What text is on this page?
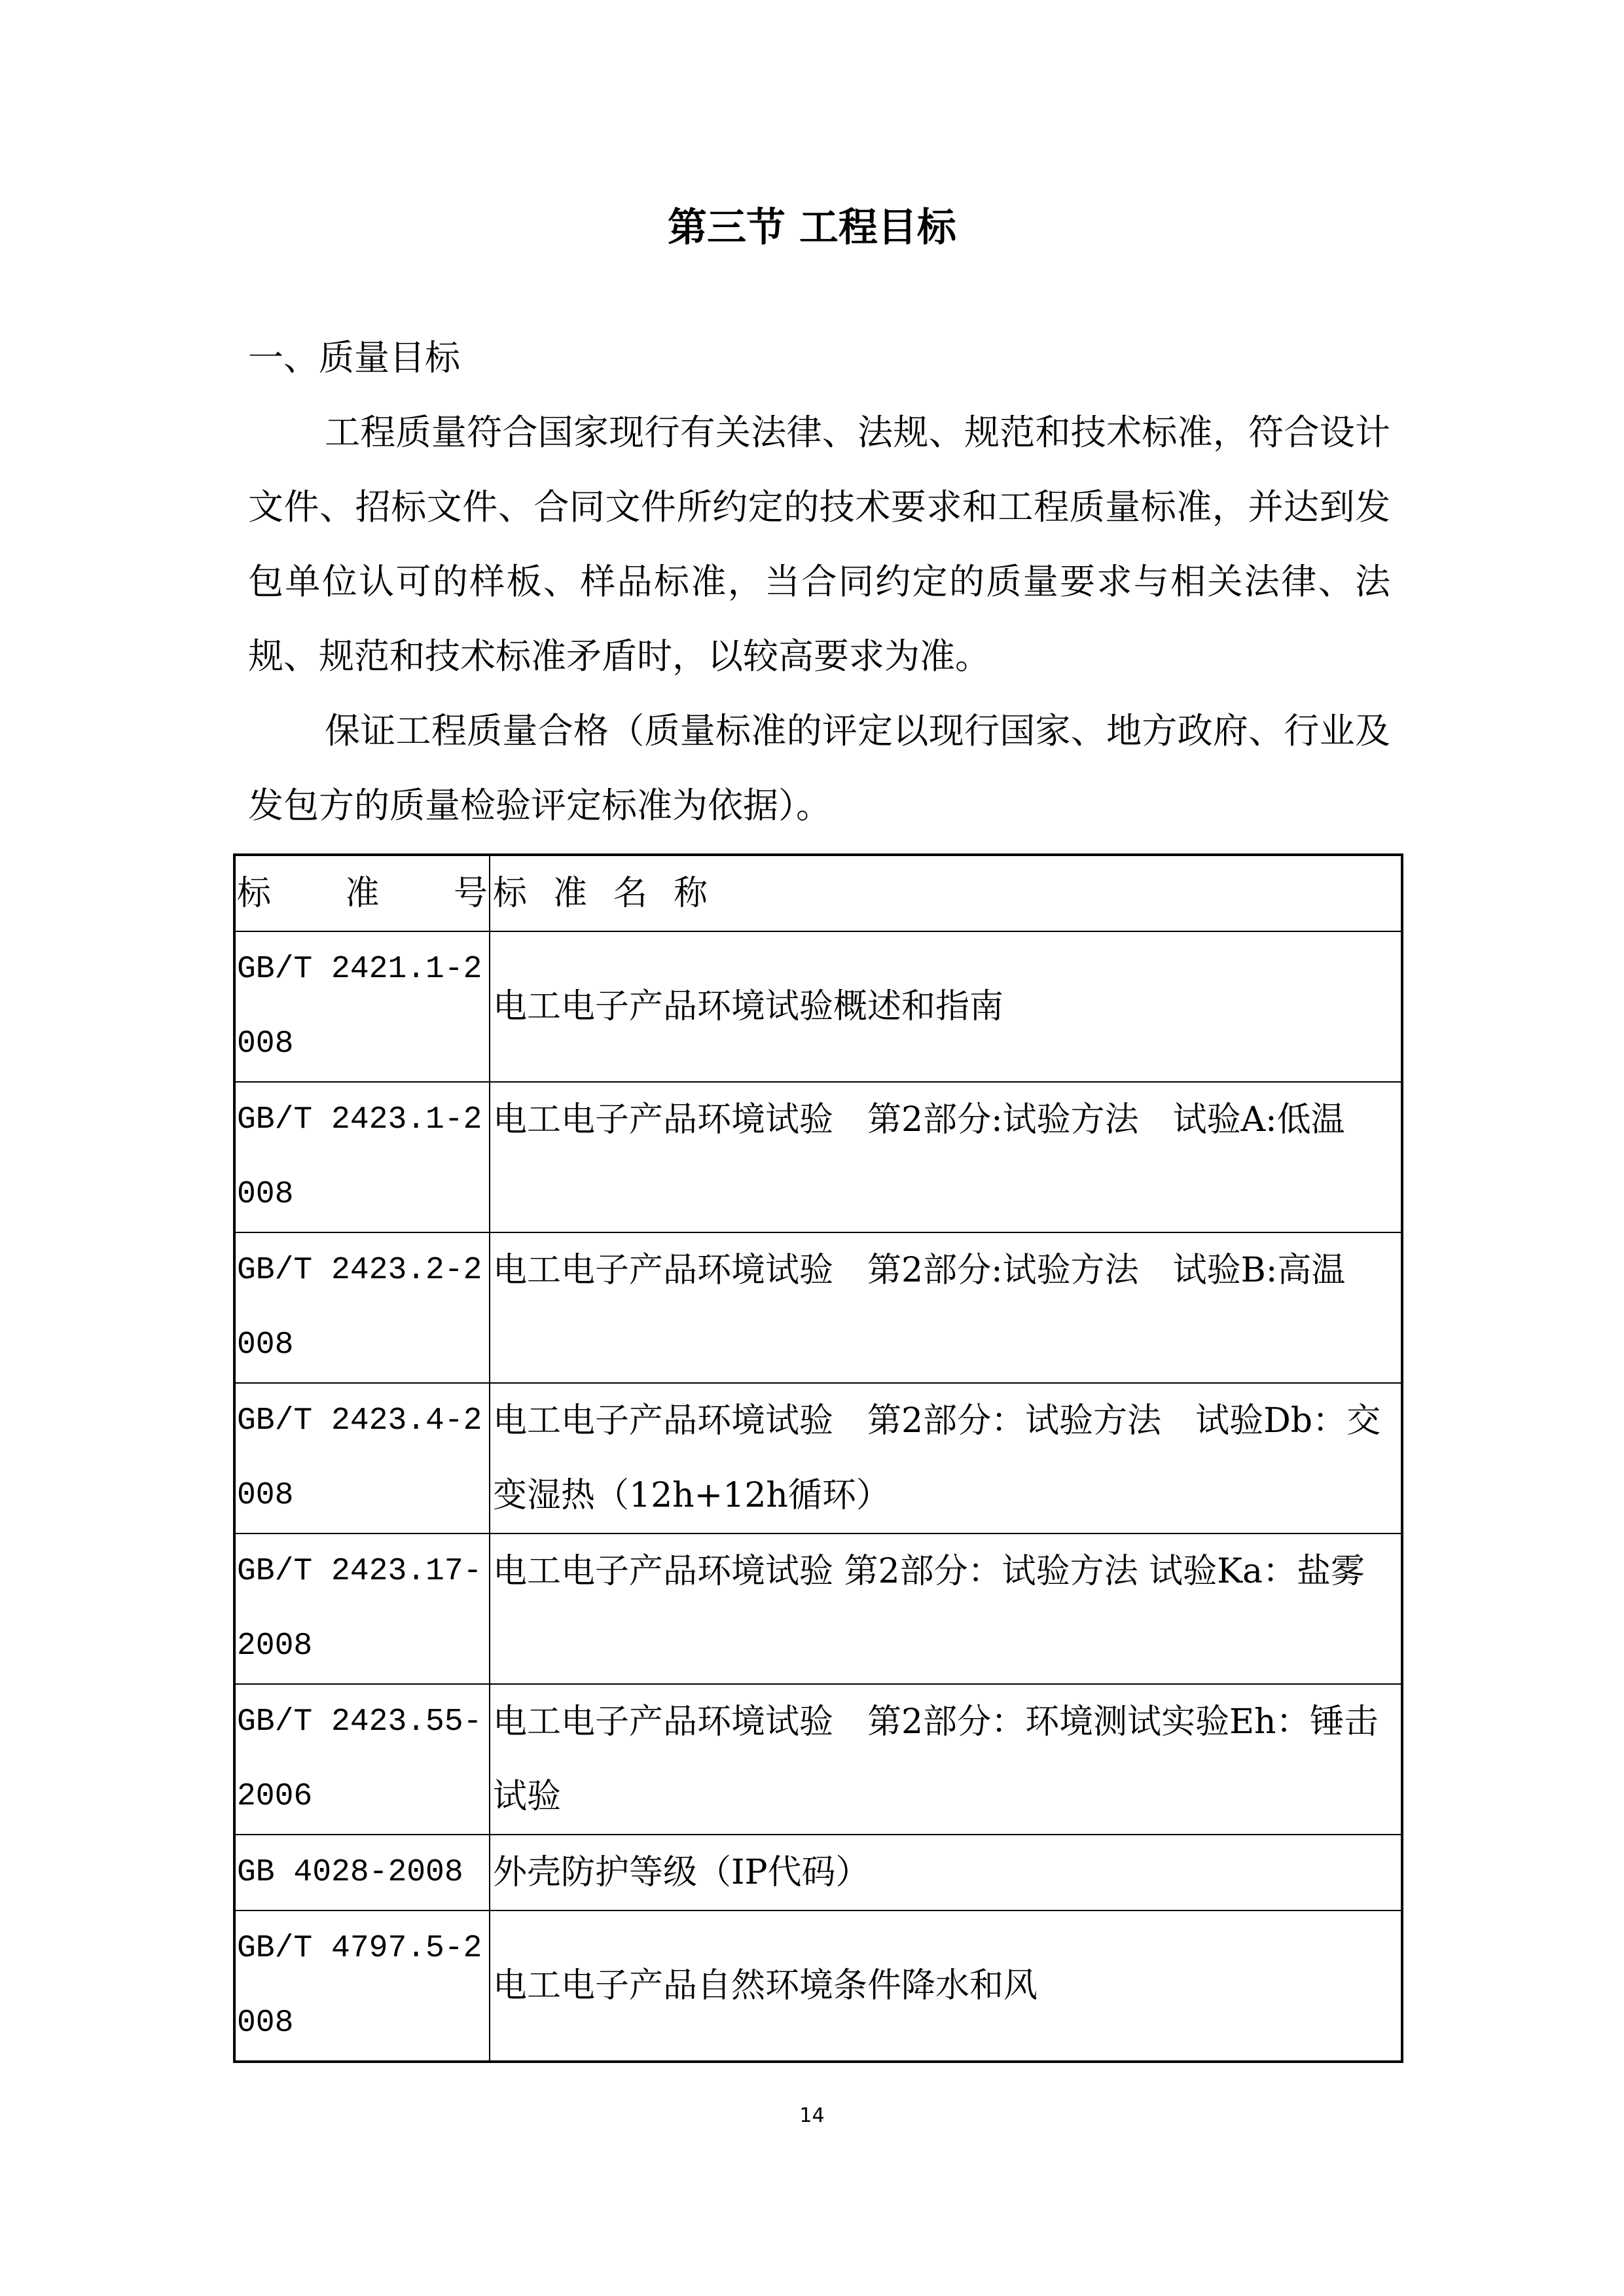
第三节 工程目标

一、质量目标

工程质量符合国家现行有关法律、法规、规范和技术标准，符合设计文件、招标文件、合同文件所约定的技术要求和工程质量标准，并达到发包单位认可的样板、样品标准，当合同约定的质量要求与相关法律、法规、规范和技术标准矛盾时，以较高要求为准。

保证工程质量合格（质量标准的评定以现行国家、地方政府、行业及发包方的质量检验评定标准为依据）。

标 准 号	标准名称
GB/T 2421.1-2008	电工电子产品环境试验概述和指南
GB/T 2423.1-2008	电工电子产品环境试验　第2部分:试验方法　试验A:低温
GB/T 2423.2-2008	电工电子产品环境试验　第2部分:试验方法　试验B:高温
GB/T 2423.4-2008	电工电子产品环境试验　第2部分：试验方法　试验Db：交变湿热（12h+12h循环）
GB/T 2423.17-2008	电工电子产品环境试验 第2部分：试验方法 试验Ka：盐雾
GB/T 2423.55-2006	电工电子产品环境试验　第2部分：环境测试实验Eh：锤击试验
GB 4028-2008	外壳防护等级（IP代码）
GB/T 4797.5-2008	电工电子产品自然环境条件降水和风
14
